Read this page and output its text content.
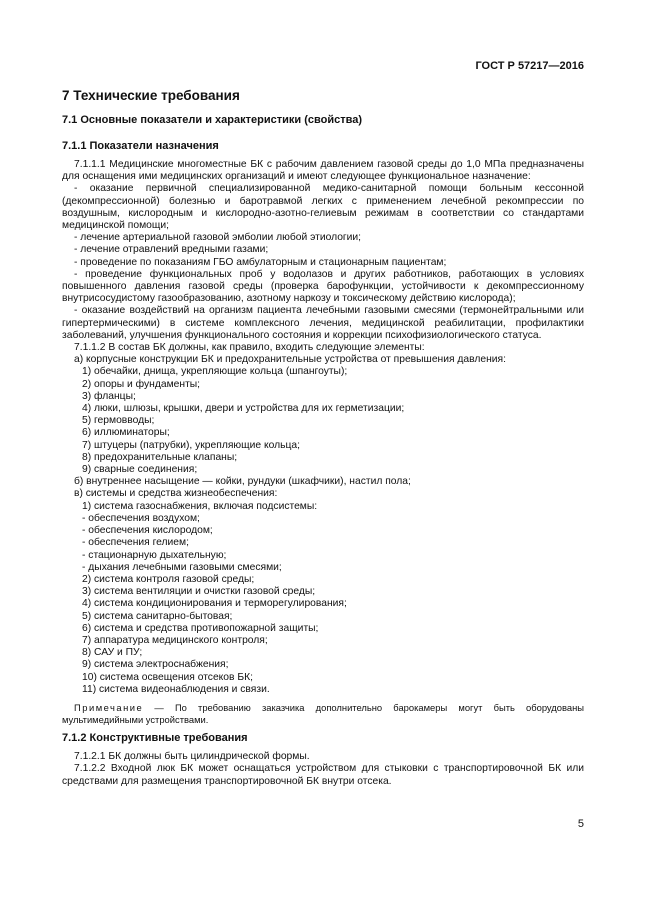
ГОСТ Р 57217—2016
7 Технические требования
7.1 Основные показатели и характеристики (свойства)
7.1.1 Показатели назначения
7.1.1.1 Медицинские многоместные БК с рабочим давлением газовой среды до 1,0 МПа предназначены для оснащения ими медицинских организаций и имеют следующее функциональное назначение:
- оказание первичной специализированной медико-санитарной помощи больным кессонной (декомпрессионной) болезнью и баротравмой легких с применением лечебной рекомпрессии по воздушным, кислородным и кислородно-азотно-гелиевым режимам в соответствии со стандартами медицинской помощи;
- лечение артериальной газовой эмболии любой этиологии;
- лечение отравлений вредными газами;
- проведение по показаниям ГБО амбулаторным и стационарным пациентам;
- проведение функциональных проб у водолазов и других работников, работающих в условиях повышенного давления газовой среды (проверка барофункции, устойчивости к декомпрессионному внутрисосудистому газообразованию, азотному наркозу и токсическому действию кислорода);
- оказание воздействий на организм пациента лечебными газовыми смесями (термонейтральными или гипертермическими) в системе комплексного лечения, медицинской реабилитации, профилактики заболеваний, улучшения функционального состояния и коррекции психофизиологического статуса.
7.1.1.2 В состав БК должны, как правило, входить следующие элементы:
а) корпусные конструкции БК и предохранительные устройства от превышения давления:
1) обечайки, днища, укрепляющие кольца (шпангоуты);
2) опоры и фундаменты;
3) фланцы;
4) люки, шлюзы, крышки, двери и устройства для их герметизации;
5) гермовводы;
6) иллюминаторы;
7) штуцеры (патрубки), укрепляющие кольца;
8) предохранительные клапаны;
9) сварные соединения;
б) внутреннее насыщение — койки, рундуки (шкафчики), настил пола;
в) системы и средства жизнеобеспечения:
1) система газоснабжения, включая подсистемы:
- обеспечения воздухом;
- обеспечения кислородом;
- обеспечения гелием;
- стационарную дыхательную;
- дыхания лечебными газовыми смесями;
2) система контроля газовой среды;
3) система вентиляции и очистки газовой среды;
4) система кондиционирования и терморегулирования;
5) система санитарно-бытовая;
6) система и средства противопожарной защиты;
7) аппаратура медицинского контроля;
8) САУ и ПУ;
9) система электроснабжения;
10) система освещения отсеков БК;
11) система видеонаблюдения и связи.
Примечание — По требованию заказчика дополнительно барокамеры могут быть оборудованы мультимедийными устройствами.
7.1.2 Конструктивные требования
7.1.2.1 БК должны быть цилиндрической формы.
7.1.2.2 Входной люк БК может оснащаться устройством для стыковки с транспортировочной БК или средствами для размещения транспортировочной БК внутри отсека.
5
